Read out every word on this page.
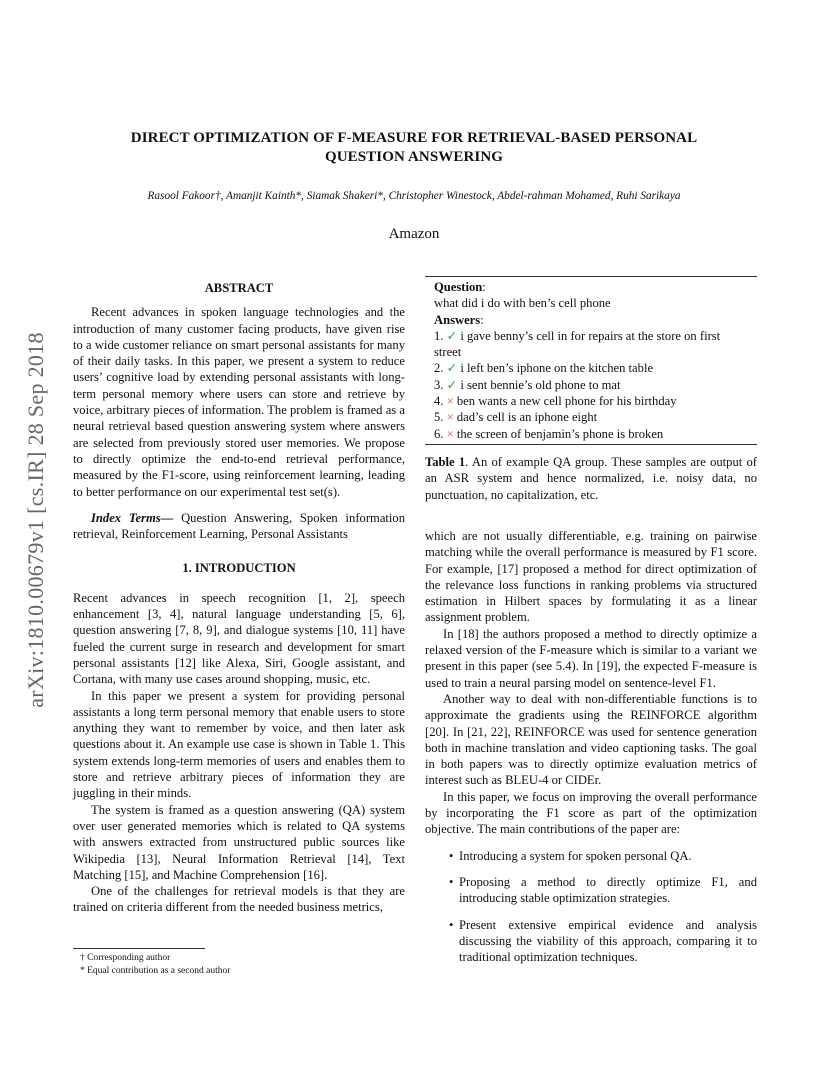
arXiv:1810.00679v1 [cs.IR] 28 Sep 2018
DIRECT OPTIMIZATION OF F-MEASURE FOR RETRIEVAL-BASED PERSONAL
QUESTION ANSWERING
Rasool Fakoor†, Amanjit Kainth*, Siamak Shakeri*, Christopher Winestock, Abdel-rahman Mohamed, Ruhi Sarikaya
Amazon

ABSTRACT

Recent advances in spoken language technologies and the introduction of many customer facing products, have given rise to a wide customer reliance on smart personal assistants for many of their daily tasks. In this paper, we present a system to reduce users’ cognitive load by extending personal assistants with long-term personal memory where users can store and retrieve by voice, arbitrary pieces of information. The problem is framed as a neural retrieval based question answering system where answers are selected from previously stored user memories. We propose to directly optimize the end-to-end retrieval performance, measured by the F1-score, using reinforcement learning, leading to better performance on our experimental test set(s).

Index Terms— Question Answering, Spoken information retrieval, Reinforcement Learning, Personal Assistants

1. INTRODUCTION

Recent advances in speech recognition [1, 2], speech enhancement [3, 4], natural language understanding [5, 6], question answering [7, 8, 9], and dialogue systems [10, 11] have fueled the current surge in research and development for smart personal assistants [12] like Alexa, Siri, Google assistant, and Cortana, with many use cases around shopping, music, etc.

In this paper we present a system for providing personal assistants a long term personal memory that enable users to store anything they want to remember by voice, and then later ask questions about it. An example use case is shown in Table 1. This system extends long-term memories of users and enables them to store and retrieve arbitrary pieces of information they are juggling in their minds.

The system is framed as a question answering (QA) system over user generated memories which is related to QA systems with answers extracted from unstructured public sources like Wikipedia [13], Neural Information Retrieval [14], Text Matching [15], and Machine Comprehension [16].

One of the challenges for retrieval models is that they are trained on criteria different from the needed business metrics,

† Corresponding author
* Equal contribution as a second author
Question:
what did i do with ben’s cell phone
Answers:
1. ✓ i gave benny’s cell in for repairs at the store on first street
2. ✓ i left ben’s iphone on the kitchen table
3. ✓ i sent bennie’s old phone to mat
4. × ben wants a new cell phone for his birthday
5. × dad’s cell is an iphone eight
6. × the screen of benjamin’s phone is broken
Table 1. An of example QA group. These samples are output of an ASR system and hence normalized, i.e. noisy data, no punctuation, no capitalization, etc.

which are not usually differentiable, e.g. training on pairwise matching while the overall performance is measured by F1 score. For example, [17] proposed a method for direct optimization of the relevance loss functions in ranking problems via structured estimation in Hilbert spaces by formulating it as a linear assignment problem.

In [18] the authors proposed a method to directly optimize a relaxed version of the F-measure which is similar to a variant we present in this paper (see 5.4). In [19], the expected F-measure is used to train a neural parsing model on sentence-level F1.

Another way to deal with non-differentiable functions is to approximate the gradients using the REINFORCE algorithm [20]. In [21, 22], REINFORCE was used for sentence generation both in machine translation and video captioning tasks. The goal in both papers was to directly optimize evaluation metrics of interest such as BLEU-4 or CIDEr.

In this paper, we focus on improving the overall performance by incorporating the F1 score as part of the optimization objective. The main contributions of the paper are:

• Introducing a system for spoken personal QA.
• Proposing a method to directly optimize F1, and introducing stable optimization strategies.
• Present extensive empirical evidence and analysis discussing the viability of this approach, comparing it to traditional optimization techniques.
